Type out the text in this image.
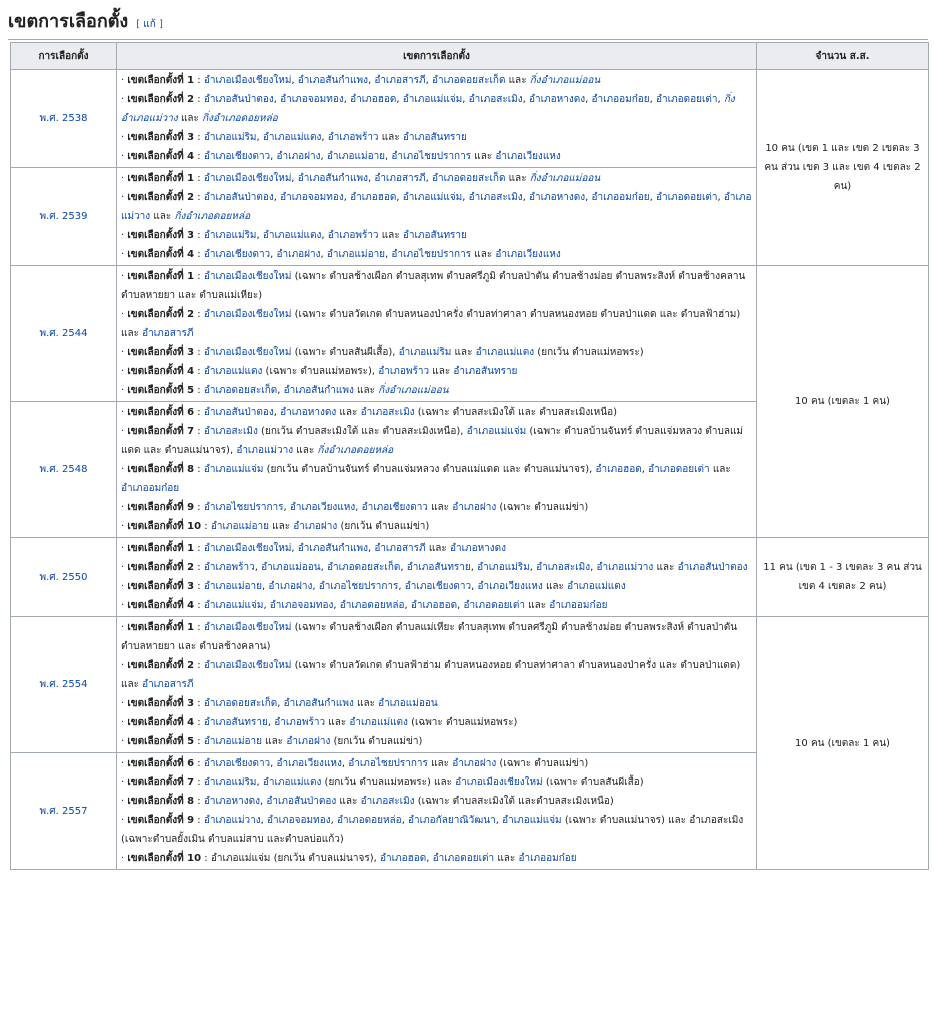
เขตการเลือกตั้ง [ แก้ ]
การเลือกตั้ง	เขตการเลือกตั้ง	จำนวน ส.ส.
พ.ศ. 2538	· เขตเลือกตั้งที่ 1 : อำเภอเมืองเชียงใหม่, อำเภอสันกำแพง, อำเภอสารภี, อำเภอดอยสะเก็ด และ กิ่งอำเภอแม่ออน
· เขตเลือกตั้งที่ 2 : อำเภอสันป่าตอง, อำเภอจอมทอง, อำเภอฮอด, อำเภอแม่แจ่ม, อำเภอสะเมิง, อำเภอหางดง, อำเภออมก๋อย, อำเภอดอยเต่า, กิ่งอำเภอแม่วาง และ กิ่งอำเภอดอยหล่อ
· เขตเลือกตั้งที่ 3 : อำเภอแม่ริม, อำเภอแม่แตง, อำเภอพร้าว และ อำเภอสันทราย
· เขตเลือกตั้งที่ 4 : อำเภอเชียงดาว, อำเภอฝาง, อำเภอแม่อาย, อำเภอไชยปราการ และ อำเภอเวียงแหง	10 คน (เขต 1 และ เขต 2 เขตละ 3 คน ส่วน เขต 3 และ เขต 4 เขตละ 2 คน)
พ.ศ. 2539	· เขตเลือกตั้งที่ 1 : อำเภอเมืองเชียงใหม่, อำเภอสันกำแพง, อำเภอสารภี, อำเภอดอยสะเก็ด และ กิ่งอำเภอแม่ออน
· เขตเลือกตั้งที่ 2 : อำเภอสันป่าตอง, อำเภอจอมทอง, อำเภอฮอด, อำเภอแม่แจ่ม, อำเภอสะเมิง, อำเภอหางดง, อำเภออมก๋อย, อำเภอดอยเต่า, อำเภอแม่วาง และ กิ่งอำเภอดอยหล่อ
· เขตเลือกตั้งที่ 3 : อำเภอแม่ริม, อำเภอแม่แตง, อำเภอพร้าว และ อำเภอสันทราย
· เขตเลือกตั้งที่ 4 : อำเภอเชียงดาว, อำเภอฝาง, อำเภอแม่อาย, อำเภอไชยปราการ และ อำเภอเวียงแหง	

พ.ศ. 2544	· เขตเลือกตั้งที่ 1 : อำเภอเมืองเชียงใหม่ (เฉพาะ ตำบลช้างเผือก ตำบลสุเทพ ตำบลศรีภูมิ ตำบลป่าตัน ตำบลช้างม่อย ตำบลพระสิงห์ ตำบลช้างคลาน ตำบลหายยา และ ตำบลแม่เหียะ)
· เขตเลือกตั้งที่ 2 : อำเภอเมืองเชียงใหม่ (เฉพาะ ตำบลวัดเกต ตำบลหนองป่าครั่ง ตำบลท่าศาลา ตำบลหนองหอย ตำบลป่าแดด และ ตำบลฟ้าฮ่าม) และ อำเภอสารภี
· เขตเลือกตั้งที่ 3 : อำเภอเมืองเชียงใหม่ (เฉพาะ ตำบลสันผีเสื้อ), อำเภอแม่ริม และ อำเภอแม่แตง (ยกเว้น ตำบลแม่หอพระ)
· เขตเลือกตั้งที่ 4 : อำเภอแม่แตง (เฉพาะ ตำบลแม่หอพระ), อำเภอพร้าว และ อำเภอสันทราย
· เขตเลือกตั้งที่ 5 : อำเภอดอยสะเก็ด, อำเภอสันกำแพง และ กิ่งอำเภอแม่ออน	10 คน (เขตละ 1 คน)
พ.ศ. 2548	· เขตเลือกตั้งที่ 6 : อำเภอสันป่าตอง, อำเภอหางดง และ อำเภอสะเมิง (เฉพาะ ตำบลสะเมิงใต้ และ ตำบลสะเมิงเหนือ)
· เขตเลือกตั้งที่ 7 : อำเภอสะเมิง (ยกเว้น ตำบลสะเมิงใต้ และ ตำบลสะเมิงเหนือ), อำเภอแม่แจ่ม (เฉพาะ ตำบลบ้านจันทร์ ตำบลแจ่มหลวง ตำบลแม่แดด และ ตำบลแม่นาจร), อำเภอแม่วาง และ กิ่งอำเภอดอยหล่อ
· เขตเลือกตั้งที่ 8 : อำเภอแม่แจ่ม (ยกเว้น ตำบลบ้านจันทร์ ตำบลแจ่มหลวง ตำบลแม่แดด และ ตำบลแม่นาจร), อำเภอฮอด, อำเภอดอยเต่า และ อำเภออมก๋อย
· เขตเลือกตั้งที่ 9 : อำเภอไชยปราการ, อำเภอเวียงแหง, อำเภอเชียงดาว และ อำเภอฝาง (เฉพาะ ตำบลแม่ข่า)
· เขตเลือกตั้งที่ 10 : อำเภอแม่อาย และ อำเภอฝาง (ยกเว้น ตำบลแม่ข่า)	

พ.ศ. 2550	· เขตเลือกตั้งที่ 1 : อำเภอเมืองเชียงใหม่, อำเภอสันกำแพง, อำเภอสารภี และ อำเภอหางดง
· เขตเลือกตั้งที่ 2 : อำเภอพร้าว, อำเภอแม่ออน, อำเภอดอยสะเก็ด, อำเภอสันทราย, อำเภอแม่ริม, อำเภอสะเมิง, อำเภอแม่วาง และ อำเภอสันป่าตอง
· เขตเลือกตั้งที่ 3 : อำเภอแม่อาย, อำเภอฝาง, อำเภอไชยปราการ, อำเภอเชียงดาว, อำเภอเวียงแหง และ อำเภอแม่แตง
· เขตเลือกตั้งที่ 4 : อำเภอแม่แจ่ม, อำเภอจอมทอง, อำเภอดอยหล่อ, อำเภอฮอด, อำเภอดอยเต่า และ อำเภออมก๋อย	11 คน (เขต 1 - 3 เขตละ 3 คน ส่วน เขต 4 เขตละ 2 คน)
พ.ศ. 2554	· เขตเลือกตั้งที่ 1 : อำเภอเมืองเชียงใหม่ (เฉพาะ ตำบลช้างเผือก ตำบลแม่เหียะ ตำบลสุเทพ ตำบลศรีภูมิ ตำบลช้างม่อย ตำบลพระสิงห์ ตำบลป่าตัน ตำบลหายยา และ ตำบลช้างคลาน)
· เขตเลือกตั้งที่ 2 : อำเภอเมืองเชียงใหม่ (เฉพาะ ตำบลวัดเกต ตำบลฟ้าฮ่าม ตำบลหนองหอย ตำบลท่าศาลา ตำบลหนองป่าครั่ง และ ตำบลป่าแดด) และ อำเภอสารภี
· เขตเลือกตั้งที่ 3 : อำเภอดอยสะเก็ด, อำเภอสันกำแพง และ อำเภอแม่ออน
· เขตเลือกตั้งที่ 4 : อำเภอสันทราย, อำเภอพร้าว และ อำเภอแม่แตง (เฉพาะ ตำบลแม่หอพระ)
· เขตเลือกตั้งที่ 5 : อำเภอแม่อาย และ อำเภอฝาง (ยกเว้น ตำบลแม่ข่า)	10 คน (เขตละ 1 คน)
พ.ศ. 2557	· เขตเลือกตั้งที่ 6 : อำเภอเชียงดาว, อำเภอเวียงแหง, อำเภอไชยปราการ และ อำเภอฝาง (เฉพาะ ตำบลแม่ข่า)
· เขตเลือกตั้งที่ 7 : อำเภอแม่ริม, อำเภอแม่แตง (ยกเว้น ตำบลแม่หอพระ) และ อำเภอเมืองเชียงใหม่ (เฉพาะ ตำบลสันผีเสื้อ)
· เขตเลือกตั้งที่ 8 : อำเภอหางดง, อำเภอสันป่าตอง และ อำเภอสะเมิง (เฉพาะ ตำบลสะเมิงใต้ และตำบลสะเมิงเหนือ)
· เขตเลือกตั้งที่ 9 : อำเภอแม่วาง, อำเภอจอมทอง, อำเภอดอยหล่อ, อำเภอกัลยาณิวัฒนา, อำเภอแม่แจ่ม (เฉพาะ ตำบลแม่นาจร) และ อำเภอสะเมิง (เฉพาะตำบลยั้งเมิน ตำบลแม่สาบ และตำบลบ่อแก้ว)
· เขตเลือกตั้งที่ 10 : อำเภอแม่แจ่ม (ยกเว้น ตำบลแม่นาจร), อำเภอฮอด, อำเภอดอยเต่า และ อำเภออมก๋อย	
